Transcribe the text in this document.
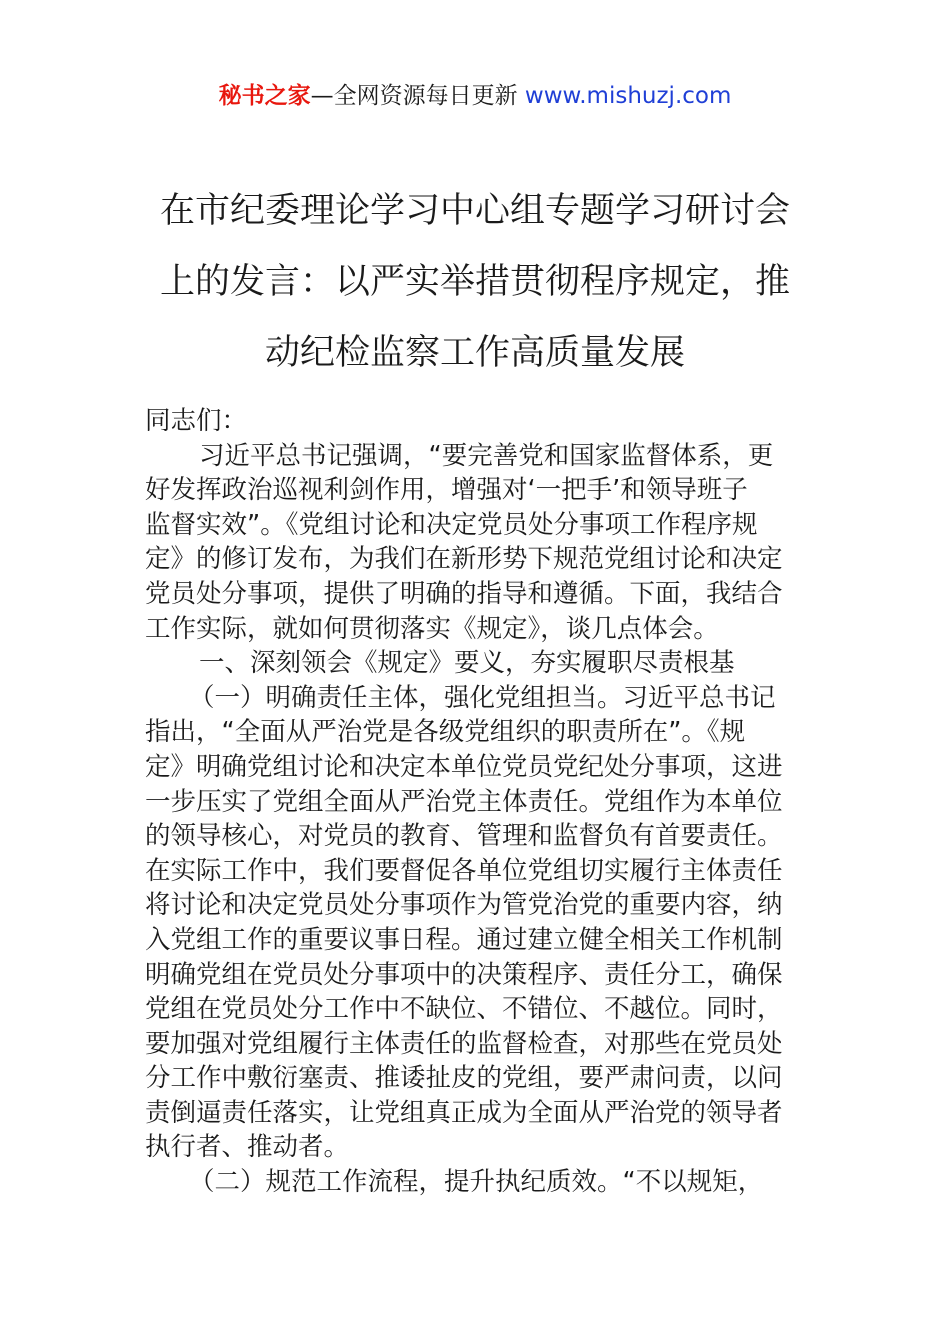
秘书之家—全网资源每日更新 www.mishuzj.com
在市纪委理论学习中心组专题学习研讨会
上的发言：以严实举措贯彻程序规定，推
动纪检监察工作高质量发展
同志们：
习近平总书记强调，“要完善党和国家监督体系，更
好发挥政治巡视利剑作用，增强对‘一把手’和领导班子
监督实效”。《党组讨论和决定党员处分事项工作程序规
定》的修订发布，为我们在新形势下规范党组讨论和决定
党员处分事项，提供了明确的指导和遵循。下面，我结合
工作实际，就如何贯彻落实《规定》，谈几点体会。
一、深刻领会《规定》要义，夯实履职尽责根基
（一）明确责任主体，强化党组担当。习近平总书记
指出，“全面从严治党是各级党组织的职责所在”。《规
定》明确党组讨论和决定本单位党员党纪处分事项，这进
一步压实了党组全面从严治党主体责任。党组作为本单位
的领导核心，对党员的教育、管理和监督负有首要责任。
在实际工作中，我们要督促各单位党组切实履行主体责任
将讨论和决定党员处分事项作为管党治党的重要内容，纳
入党组工作的重要议事日程。通过建立健全相关工作机制
明确党组在党员处分事项中的决策程序、责任分工，确保
党组在党员处分工作中不缺位、不错位、不越位。同时，
要加强对党组履行主体责任的监督检查，对那些在党员处
分工作中敷衍塞责、推诿扯皮的党组，要严肃问责，以问
责倒逼责任落实，让党组真正成为全面从严治党的领导者
执行者、推动者。
（二）规范工作流程，提升执纪质效。“不以规矩，
